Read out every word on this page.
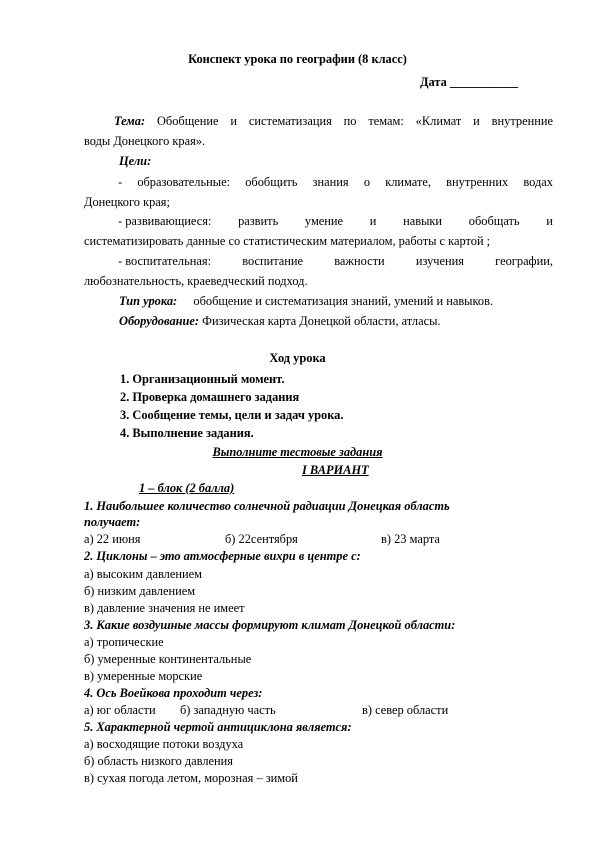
Конспект урока по географии (8 класс)
Дата ___________
Тема: Обобщение и систематизация по темам: «Климат и внутренние
воды Донецкого края».
Цели:
- образовательные: обобщить знания о климате, внутренних водах
Донецкого края;
- развивающиеся: развить умение и навыки обобщать и
систематизировать данные со статистическим материалом, работы с картой ;
- воспитательная:	воспитание	важности	изучения	географии,
любознательность, краеведческий подход.
Тип урока: обобщение и систематизация знаний, умений и навыков.
Оборудование: Физическая карта Донецкой области, атласы.
Ход урока
1. Организационный момент.
2. Проверка домашнего задания
3. Сообщение темы, цели и задач урока.
4. Выполнение задания.
Выполните тестовые задания
I ВАРИАНТ
1 – блок (2 балла)
1. Наибольшее количество солнечной радиации Донецкая область
получает:
а) 22 июня	б) 22сентября	в) 23 марта
2. Циклоны – это атмосферные вихри в центре с:
а) высоким давлением
б) низким давлением
в) давление значения не имеет
3. Какие воздушные массы формируют климат Донецкой области:
а) тропические
б) умеренные континентальные
в) умеренные морские
4. Ось Воейкова проходит через:
а) юг области б) западную часть	в) север области
5. Характерной чертой антициклона является:
а) восходящие потоки воздуха
б) область низкого давления
в) сухая погода летом, морозная – зимой
